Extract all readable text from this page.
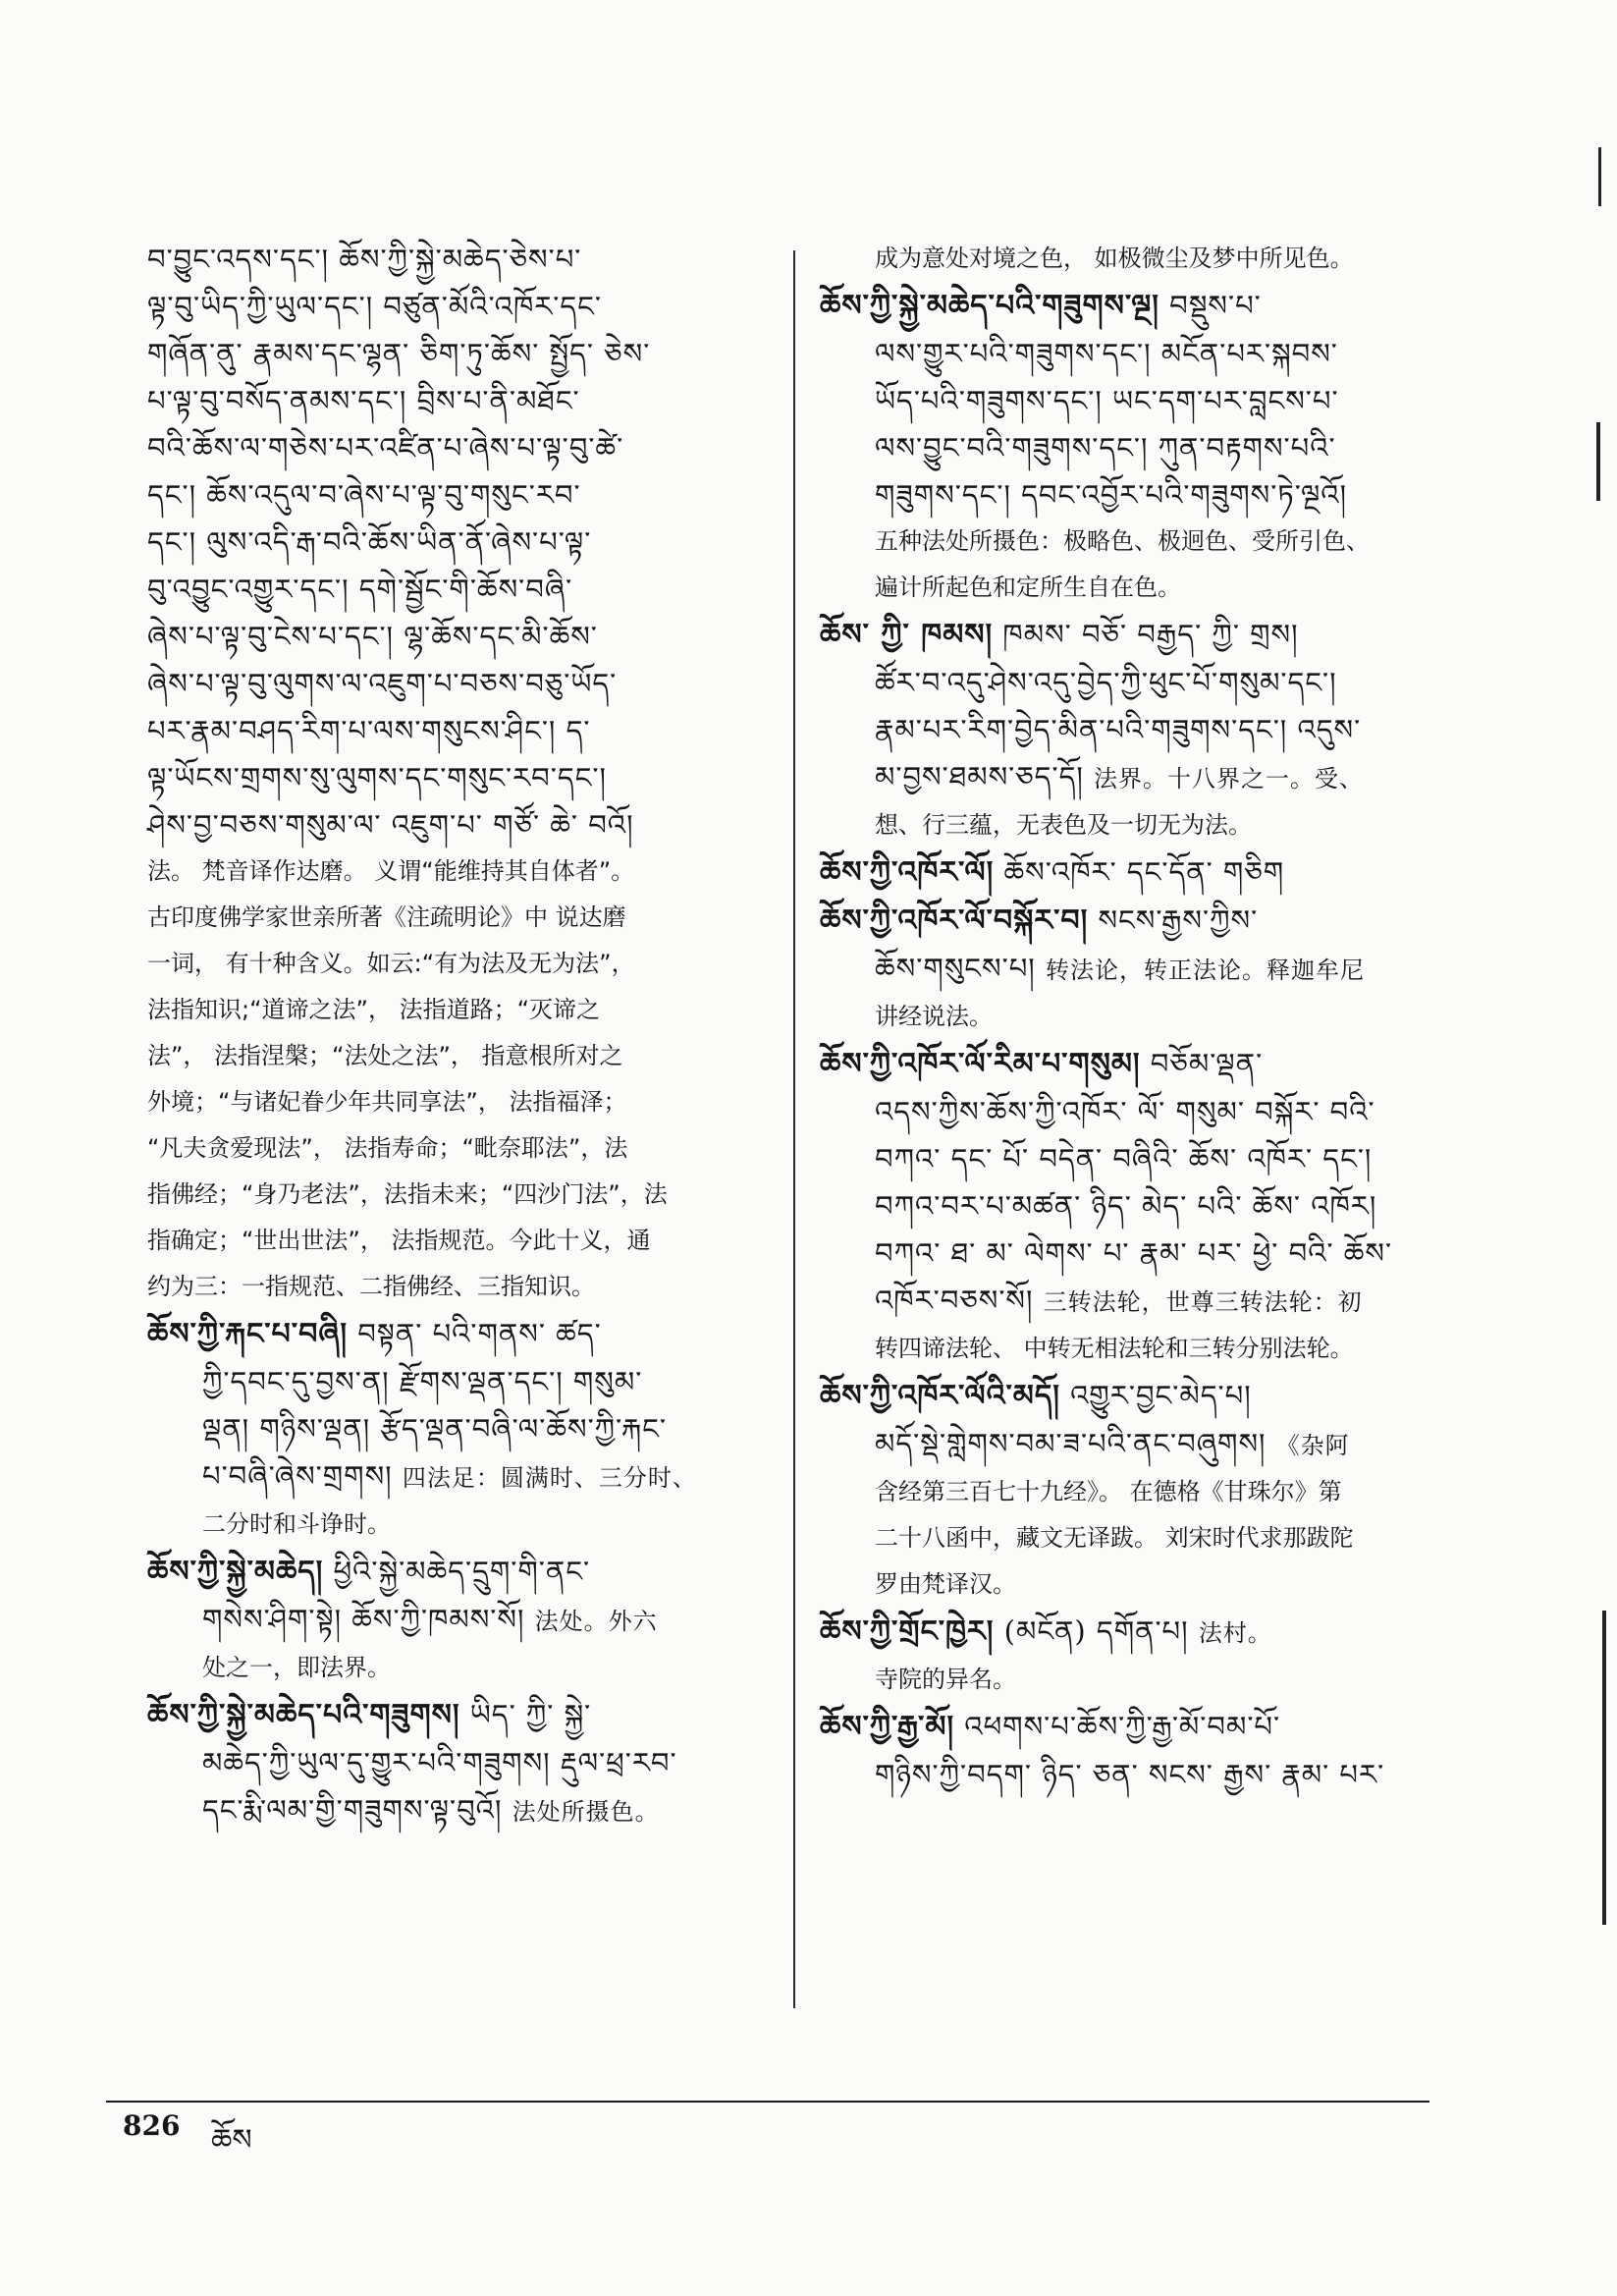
བ་བྱུང་འདས་དང་། ཆོས་ཀྱི་སྐྱེ་མཆེད་ཅེས་པ་
ལྟ་བུ་ཡིད་ཀྱི་ཡུལ་དང་། བཙུན་མོའི་འཁོར་དང་
གཞོན་ནུ་ རྣམས་དང་ལྷན་ ཅིག་ཏུ་ཆོས་ སྤྱོད་ ཅེས་
པ་ལྟ་བུ་བསོད་ནམས་དང་། བྲིས་པ་ནི་མཐོང་
བའི་ཆོས་ལ་གཅེས་པར་འཛིན་པ་ཞེས་པ་ལྟ་བུ་ཚེ་
དང་། ཆོས་འདུལ་བ་ཞེས་པ་ལྟ་བུ་གསུང་རབ་
དང་། ལུས་འདི་རྒ་བའི་ཆོས་ཡིན་ནོ་ཞེས་པ་ལྟ་
བུ་འབྱུང་འགྱུར་དང་། དགེ་སྦྱོང་གི་ཆོས་བཞི་
ཞེས་པ་ལྟ་བུ་ངེས་པ་དང་། ལྷ་ཆོས་དང་མི་ཆོས་
ཞེས་པ་ལྟ་བུ་ལུགས་ལ་འཇུག་པ་བཅས་བཅུ་ཡོད་
པར་རྣམ་བཤད་རིག་པ་ལས་གསུངས་ཤིང་། ད་
ལྟ་ཡོངས་གྲགས་སུ་ལུགས་དང་གསུང་རབ་དང་།
ཤེས་བྱ་བཅས་གསུམ་ལ་ འཇུག་པ་ གཙོ་ ཆེ་ བའོ།
法。 梵音译作达磨。 义谓“能维持其自体者”。
古印度佛学家世亲所著《注疏明论》中 说达磨
一词， 有十种含义。如云:“有为法及无为法”，
法指知识;“道谛之法”， 法指道路；“灭谛之
法”， 法指涅槃；“法处之法”， 指意根所对之
外境；“与诸妃眷少年共同享法”， 法指福泽；
“凡夫贪爱现法”， 法指寿命；“毗奈耶法”，法
指佛经；“身乃老法”，法指未来；“四沙门法”，法
指确定；“世出世法”， 法指规范。今此十义，通
约为三：一指规范、二指佛经、三指知识。
ཆོས་ཀྱི་རྐང་པ་བཞི། བསྟན་ པའི་གནས་ ཚད་
ཀྱི་དབང་དུ་བྱས་ན། རྫོགས་ལྡན་དང་། གསུམ་
ལྡན། གཉིས་ལྡན། རྩོད་ལྡན་བཞི་ལ་ཆོས་ཀྱི་རྐང་
པ་བཞི་ཞེས་གྲགས། 四法足：圆满时、三分时、
二分时和斗诤时。
ཆོས་ཀྱི་སྐྱེ་མཆེད། ཕྱིའི་སྐྱེ་མཆེད་དྲུག་གི་ནང་
གསེས་ཤིག་སྟེ། ཆོས་ཀྱི་ཁམས་སོ། 法处。外六
处之一，即法界。
ཆོས་ཀྱི་སྐྱེ་མཆེད་པའི་གཟུགས། ཡིད་ ཀྱི་ སྐྱེ་
མཆེད་ཀྱི་ཡུལ་དུ་གྱུར་པའི་གཟུགས། རྡུལ་ཕྲ་རབ་
དང་རྨི་ལམ་གྱི་གཟུགས་ལྟ་བུའོ། 法处所摄色。
成为意处对境之色， 如极微尘及梦中所见色。
ཆོས་ཀྱི་སྐྱེ་མཆེད་པའི་གཟུགས་ལྔ། བསྡུས་པ་
ལས་གྱུར་པའི་གཟུགས་དང་། མངོན་པར་སྐབས་
ཡོད་པའི་གཟུགས་དང་། ཡང་དག་པར་བླངས་པ་
ལས་བྱུང་བའི་གཟུགས་དང་། ཀུན་བརྟགས་པའི་
གཟུགས་དང་། དབང་འབྱོར་པའི་གཟུགས་ཏེ་ལྔའོ།
五种法处所摄色：极略色、极迥色、受所引色、
遍计所起色和定所生自在色。
ཆོས་ ཀྱི་ ཁམས། ཁམས་ བཅོ་ བརྒྱད་ ཀྱི་ གྲས།
ཚོར་བ་འདུ་ཤེས་འདུ་བྱེད་ཀྱི་ཕུང་པོ་གསུམ་དང་།
རྣམ་པར་རིག་བྱེད་མིན་པའི་གཟུགས་དང་། འདུས་
མ་བྱས་ཐམས་ཅད་དོ། 法界。十八界之一。受、
想、行三蕴，无表色及一切无为法。
ཆོས་ཀྱི་འཁོར་ལོ། ཆོས་འཁོར་ དང་དོན་ གཅིག
ཆོས་ཀྱི་འཁོར་ལོ་བསྐོར་བ། སངས་རྒྱས་ཀྱིས་
ཆོས་གསུངས་པ། 转法论，转正法论。释迦牟尼
讲经说法。
ཆོས་ཀྱི་འཁོར་ལོ་རིམ་པ་གསུམ། བཅོམ་ལྡན་
འདས་ཀྱིས་ཆོས་ཀྱི་འཁོར་ ལོ་ གསུམ་ བསྐོར་ བའི་
བཀའ་ དང་ པོ་ བདེན་ བཞིའི་ ཆོས་ འཁོར་ དང་།
བཀའ་བར་པ་མཚན་ ཉིད་ མེད་ པའི་ ཆོས་ འཁོར།
བཀའ་ ཐ་ མ་ ལེགས་ པ་ རྣམ་ པར་ ཕྱེ་ བའི་ ཆོས་
འཁོར་བཅས་སོ། 三转法轮，世尊三转法轮：初
转四谛法轮、 中转无相法轮和三转分别法轮。
ཆོས་ཀྱི་འཁོར་ལོའི་མདོ། འགྱུར་བྱང་མེད་པ།
མདོ་སྡེ་གླེགས་བམ་ཟ་པའི་ནང་བཞུགས། 《杂阿
含经第三百七十九经》。 在德格《甘珠尔》第
二十八函中，藏文无译跋。 刘宋时代求那跋陀
罗由梵译汉。
ཆོས་ཀྱི་གྲོང་ཁྱེར། (མངོན) དགོན་པ། 法村。
寺院的异名。
ཆོས་ཀྱི་རྒྱ་མོ། འཕགས་པ་ཆོས་ཀྱི་རྒྱ་མོ་བམ་པོ་
གཉིས་ཀྱི་བདག་ ཉིད་ ཅན་ སངས་ རྒྱས་ རྣམ་ པར་
826 ཆོས
